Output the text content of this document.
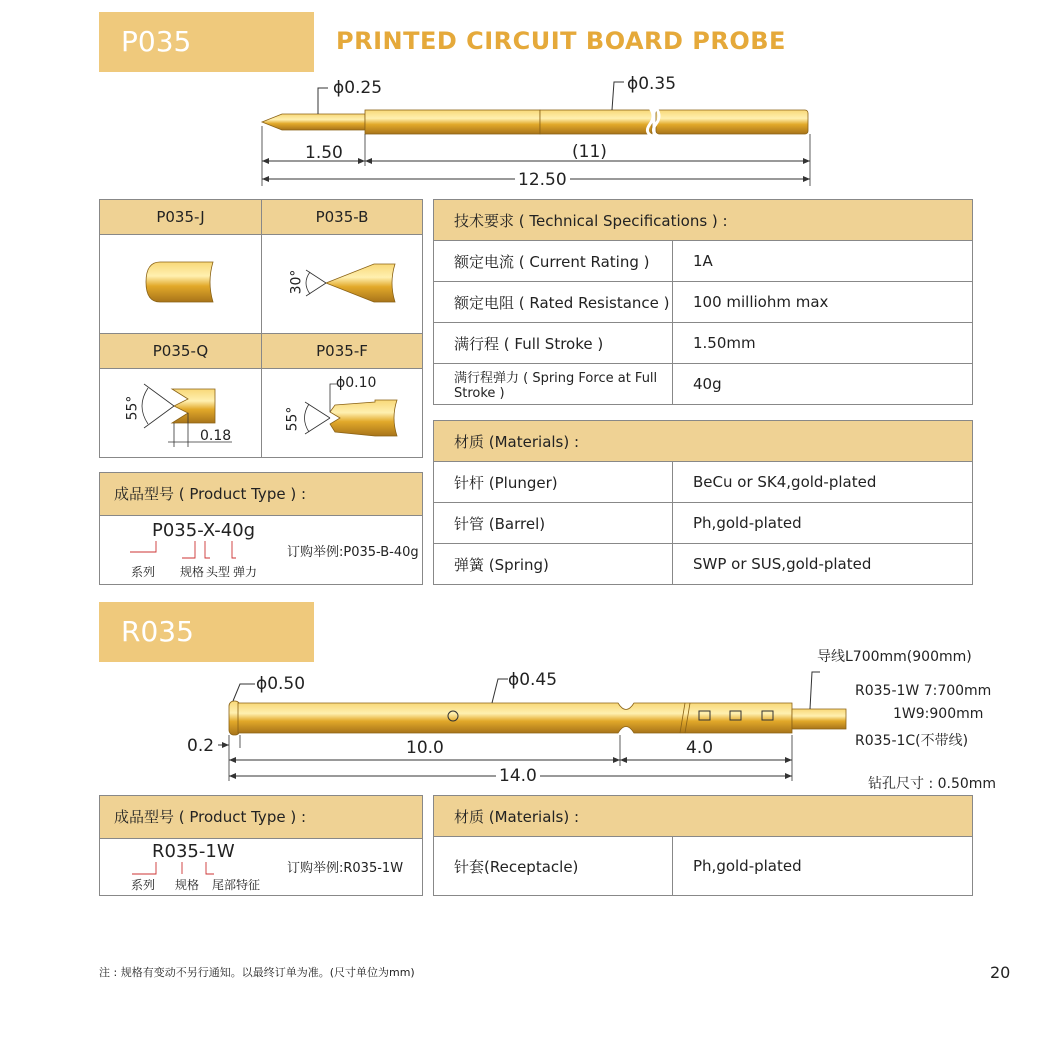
P035	PRINTED CIRCUIT BOARD PROBE
ϕ0.25	ϕ0.35
1.50	(11)
12.50
P035-J	P035-B
P035-Q	P035-F
30°
55°
0.18
55°
ϕ0.10
成品型号 ( Product Type ) :
P035-X-40g
系列 规格 头型 弹力
订购举例:P035-B-40g
技术要求 ( Technical Specifications ) :	
额定电流 ( Current Rating )	1A
额定电阻 ( Rated Resistance )	100 milliohm max
满行程 ( Full Stroke )	1.50mm
满行程弹力 ( Spring Force at Full Stroke )	40g
材质 (Materials) :	
针杆 (Plunger)	BeCu or SK4,gold-plated
针管 (Barrel)	Ph,gold-plated
弹簧 (Spring)	SWP or SUS,gold-plated
R035
ϕ0.50	ϕ0.45
0.2	10.0	4.0
14.0
导线L700mm(900mm)
R035-1W 7:700mm
1W9:900mm
R035-1C(不带线)
钻孔尺寸 : 0.50mm
成品型号 ( Product Type ) :
R035-1W
系列 规格 尾部特征
订购举例:R035-1W
材质 (Materials) :
针套(Receptacle)	Ph,gold-plated
注 : 规格有变动不另行通知。以最终订单为准。(尺寸单位为mm)	20
